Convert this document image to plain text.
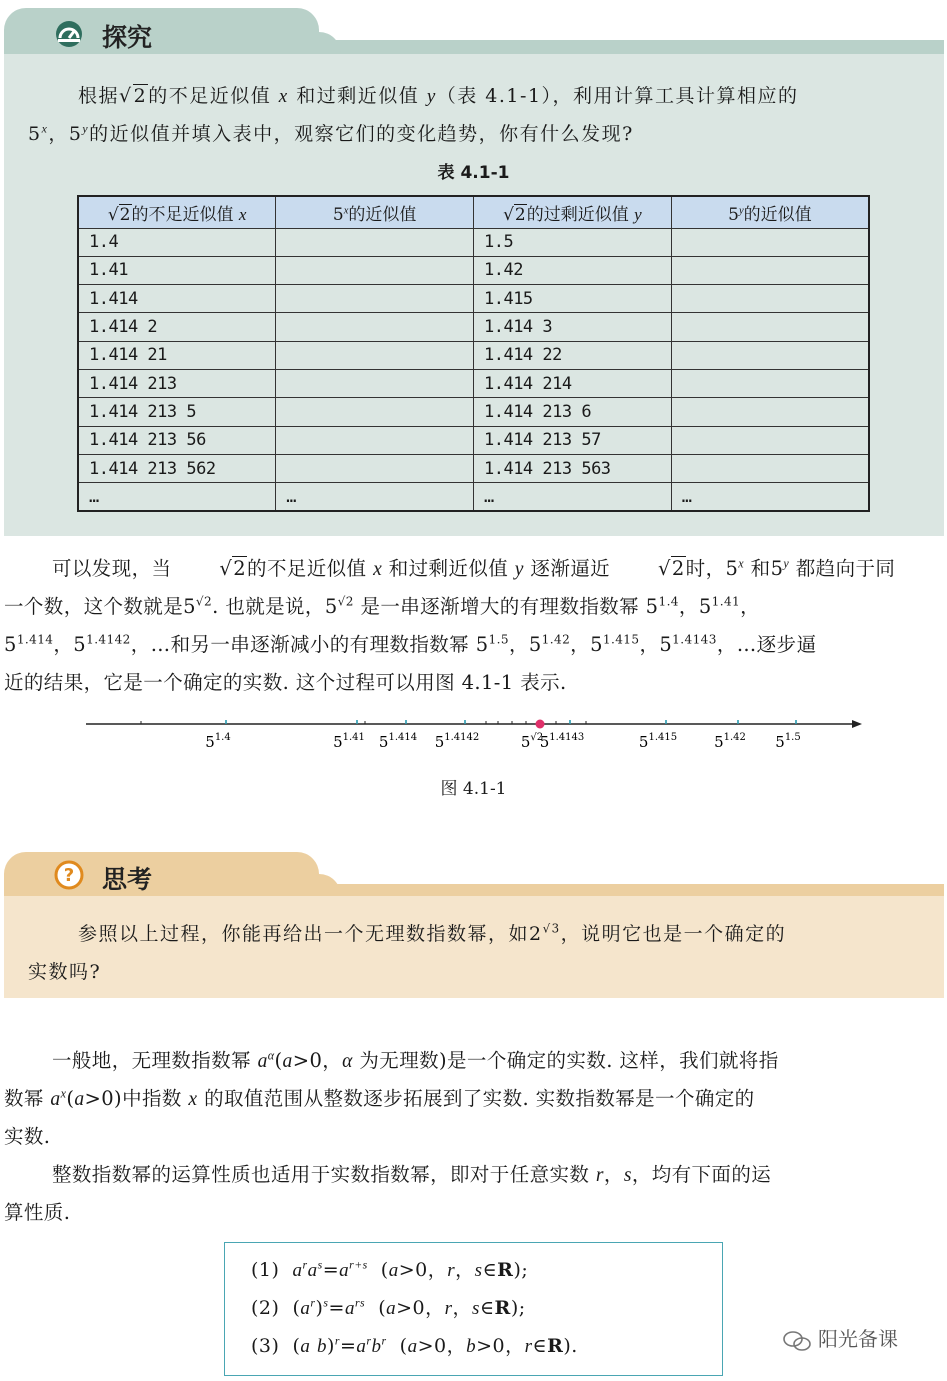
探究
根据√2的不足近似值 x 和过剩近似值 y（表 4.1-1），利用计算工具计算相应的
5$^x$，5$^y$的近似值并填入表中，观察它们的变化趋势，你有什么发现?
表 4.1-1
√2的不足近似值 x	5$^x$的近似值	√2的过剩近似值 y	5$^y$的近似值
1.4		1.5	
1.41		1.42	
1.414		1.415	
1.414 2		1.414 3	
1.414 21		1.414 22	
1.414 213		1.414 214	
1.414 213 5		1.414 213 6	
1.414 213 56		1.414 213 57	
1.414 213 562		1.414 213 563	
…	…	…	…
可以发现，当 √2的不足近似值 x 和过剩近似值 y 逐渐逼近 √2时，5$^x$ 和5$^y$ 都趋向于同
一个数，这个数就是$5^{√2}$. 也就是说，$5^{√2}$ 是一串逐渐增大的有理数指数幂 $5^{1.4}$，$5^{1.41}$，
$5^{1.414}$，$5^{1.4142}$，…和另一串逐渐减小的有理数指数幂 $5^{1.5}$，$5^{1.42}$，$5^{1.415}$，$5^{1.4143}$，…逐步逼
近的结果，它是一个确定的实数. 这个过程可以用图 4.1-1 表示.
$5^{1.4}$	$5^{1.41}$ $5^{1.414}$ $5^{1.4142}$	$5^{√2}$
$5^{1.4143}$	$5^{1.415}$ $5^{1.42}$ $5^{1.5}$
图 4.1-1
? 思考
参照以上过程，你能再给出一个无理数指数幂，如$2^{√3}$，说明它也是一个确定的
实数吗?
一般地，无理数指数幂 $a^\alpha(a>0$，α 为无理数)是一个确定的实数. 这样，我们就将指
数幂 $a^x(a>0)$中指数 x 的取值范围从整数逐步拓展到了实数. 实数指数幂是一个确定的
实数.
整数指数幂的运算性质也适用于实数指数幂，即对于任意实数 r，s，均有下面的运
算性质.
(1)  $a^ra^s=a^{r+s}$  (a>0，r，s∈R);
(2)  $(a^r)^s=a^{rs}$  (a>0，r，s∈R);
(3)  (a $b)^r=a^rb^r$  (a>0，b>0，r∈R).	阳光备课
